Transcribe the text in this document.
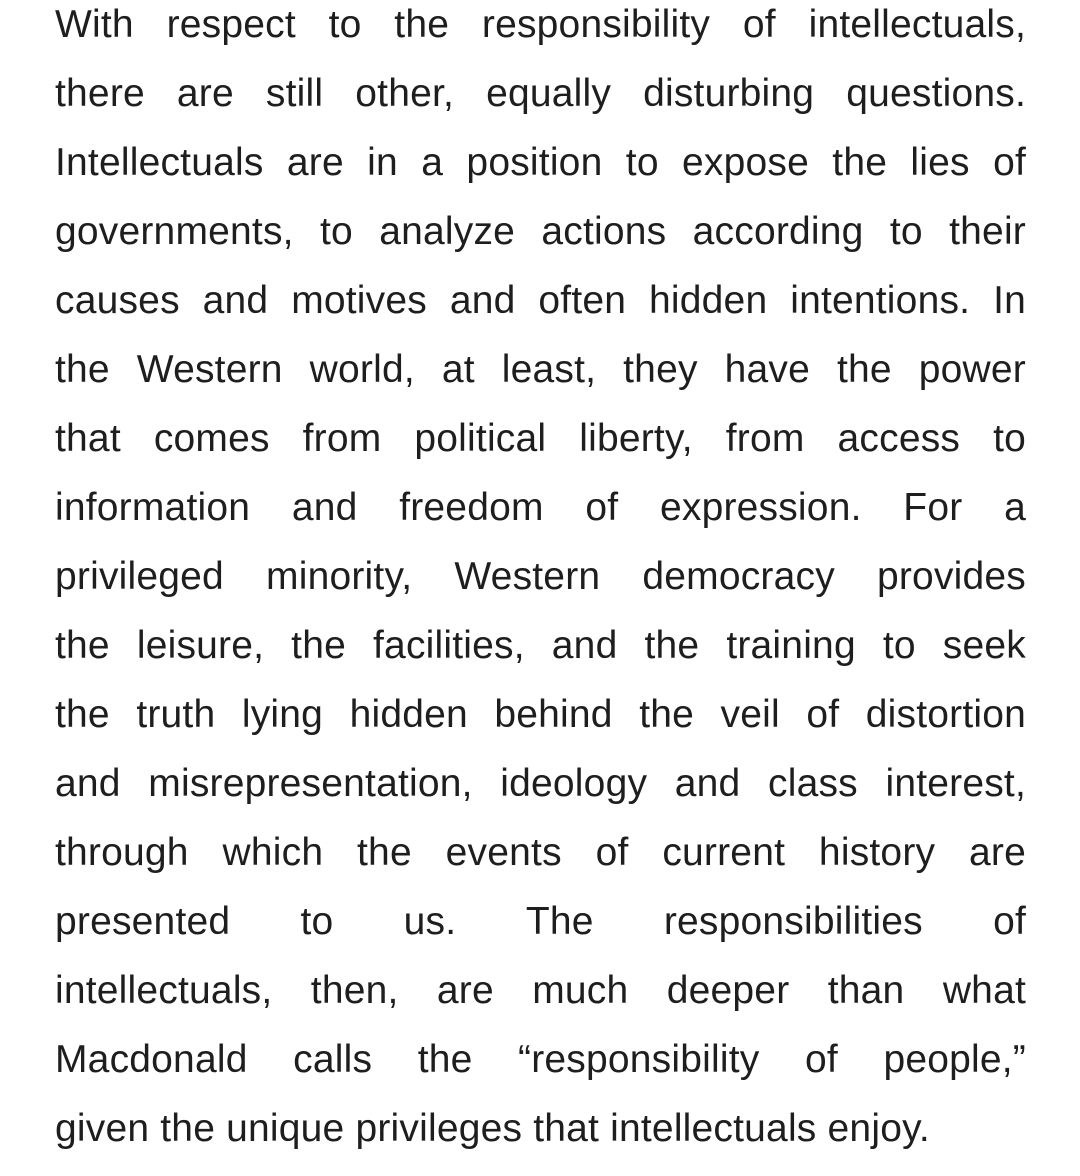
With respect to the responsibility of intellectuals,
there are still other, equally disturbing questions.
Intellectuals are in a position to expose the lies of
governments, to analyze actions according to their
causes and motives and often hidden intentions. In
the Western world, at least, they have the power
that comes from political liberty, from access to
information and freedom of expression. For a
privileged minority, Western democracy provides
the leisure, the facilities, and the training to seek
the truth lying hidden behind the veil of distortion
and misrepresentation, ideology and class interest,
through which the events of current history are
presented to us. The responsibilities of
intellectuals, then, are much deeper than what
Macdonald calls the “responsibility of people,”
given the unique privileges that intellectuals enjoy.
